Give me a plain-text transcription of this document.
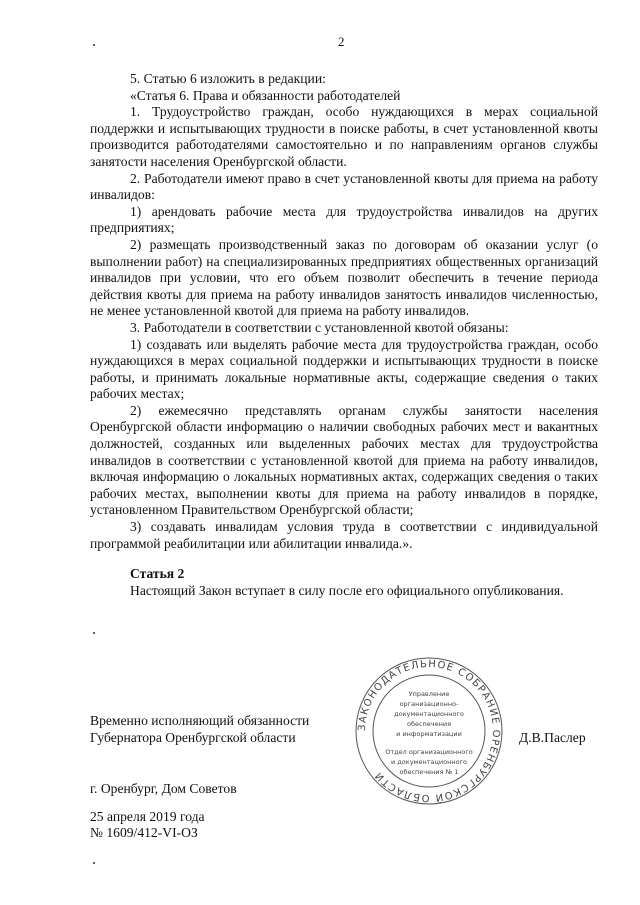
2

5. Статью 6 изложить в редакции:

«Статья 6. Права и обязанности работодателей

1. Трудоустройство граждан, особо нуждающихся в мерах социальной поддержки и испытывающих трудности в поиске работы, в счет установленной квоты производится работодателями самостоятельно и по направлениям органов службы занятости населения Оренбургской области.

2. Работодатели имеют право в счет установленной квоты для приема на работу инвалидов:

1) арендовать рабочие места для трудоустройства инвалидов на других предприятиях;

2) размещать производственный заказ по договорам об оказании услуг (о выполнении работ) на специализированных предприятиях общественных организаций инвалидов при условии, что его объем позволит обеспечить в течение периода действия квоты для приема на работу инвалидов занятость инвалидов численностью, не менее установленной квотой для приема на работу инвалидов.

3. Работодатели в соответствии с установленной квотой обязаны:

1) создавать или выделять рабочие места для трудоустройства граждан, особо нуждающихся в мерах социальной поддержки и испытывающих трудности в поиске работы, и принимать локальные нормативные акты, содержащие сведения о таких рабочих местах;

2) ежемесячно представлять органам службы занятости населения Оренбургской области информацию о наличии свободных рабочих мест и вакантных должностей, созданных или выделенных рабочих местах для трудоустройства инвалидов в соответствии с установленной квотой для приема на работу инвалидов, включая информацию о локальных нормативных актах, содержащих сведения о таких рабочих местах, выполнении квоты для приема на работу инвалидов в порядке, установленном Правительством Оренбургской области;

3) создавать инвалидам условия труда в соответствии с индивидуальной программой реабилитации или абилитации инвалида.».

Статья 2

Настоящий Закон вступает в силу после его официального опубликования.

ЗАКОНОДАТЕЛЬНОЕ СОБРАНИЕ ОРЕНБУРГСКОЙ ОБЛАСТИ
Управление
организационно-
документационного
обеспечения
и информатизации
Отдел организационного
и документационного
обеспечения № 1
Временно исполняющий обязанности
Губернатора Оренбургской области	Д.В.Паслер
г. Оренбург, Дом Советов
25 апреля 2019 года
№ 1609/412-VI-ОЗ
